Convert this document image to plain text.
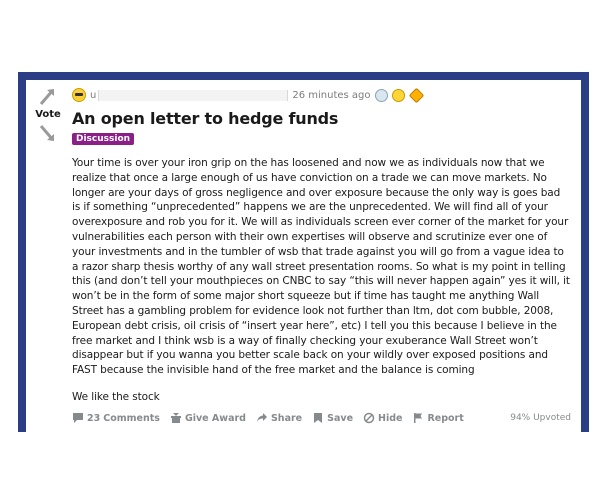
Vote
u	26 minutes ago
An open letter to hedge funds
Discussion

Your time is over your iron grip on the has loosened and now we as individuals now that we realize that once a large enough of us have conviction on a trade we can move markets. No longer are your days of gross negligence and over exposure because the only way is goes bad is if something “unprecedented” happens we are the unprecedented. We will find all of your overexposure and rob you for it. We will as individuals screen ever corner of the market for your vulnerabilities each person with their own expertises will observe and scrutinize ever one of your investments and in the tumbler of wsb that trade against you will go from a vague idea to a razor sharp thesis worthy of any wall street presentation rooms. So what is my point in telling this (and don’t tell your mouthpieces on CNBC to say “this will never happen again” yes it will, it won’t be in the form of some major short squeeze but if time has taught me anything Wall Street has a gambling problem for evidence look not further than ltm, dot com bubble, 2008, European debt crisis, oil crisis of “insert year here”, etc) I tell you this because I believe in the free market and I think wsb is a way of finally checking your exuberance Wall Street won’t disappear but if you wanna you better scale back on your wildly over exposed positions and FAST because the invisible hand of the free market and the balance is coming

We like the stock

23 Comments	Give Award	Share	Save	Hide	Report	94% Upvoted
